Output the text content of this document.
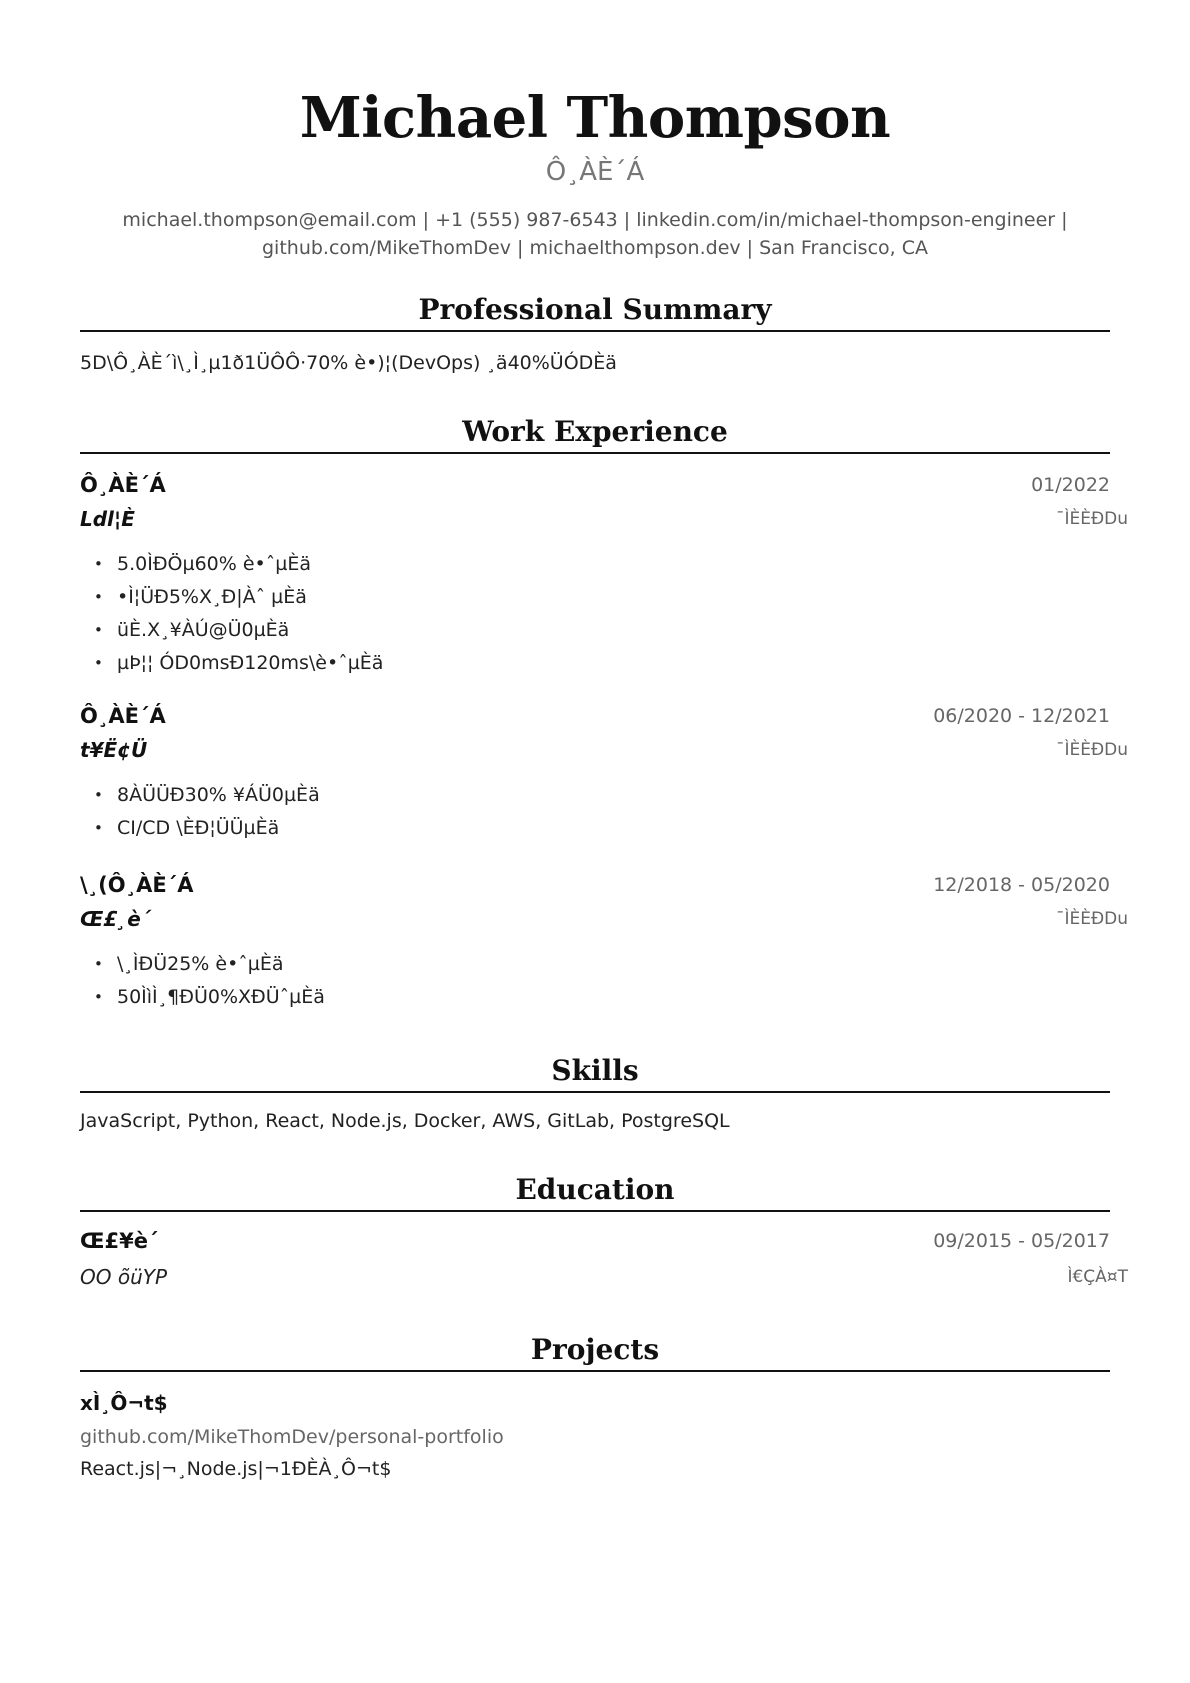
Michael Thompson
Ô¸ÀÈ´Á
michael.thompson@email.com | +1 (555) 987-6543 | linkedin.com/in/michael-thompson-engineer | github.com/MikeThomDev | michaelthompson.dev | San Francisco, CA
Professional Summary
5D\Ô¸ÀÈ´ì\¸Ì¸µ1ð1ÜÔÔ·70% è•)¦(DevOps) ¸ä40%ÜÓDÈä
Work Experience
Ô¸ÀÈ´Á	01/2022
Ldl¦È	¯ÌÈÈÐDu
• 5.0ÌÐÖµ60% è•ˆµÈä
• •Ì¦ÜÐ5%X¸Ð|Àˆ µÈä
• üÈ.X¸¥ÀÚ@Ü0µÈä
• µÞ¦¦ ÓD0msÐ120ms\è•ˆµÈä
Ô¸ÀÈ´Á	06/2020 - 12/2021
t¥Ë¢Ü	¯ÌÈÈÐDu
• 8ÀÜÜÐ30% ¥ÁÜ0µÈä
• CI/CD \ÈÐ¦ÜÜµÈä
\¸(Ô¸ÀÈ´Á	12/2018 - 05/2020
Œ£¸è´	¯ÌÈÈÐDu
• \¸ÌÐÜ25% è•ˆµÈä
• 50ÌìÌ¸¶ÐÜ0%XÐÜˆµÈä
Skills
JavaScript, Python, React, Node.js, Docker, AWS, GitLab, PostgreSQL
Education
Œ£¥è´	09/2015 - 05/2017
OO õüYP	Ì€ÇÀ¤T
Projects
xÌ¸Ô¬t$
github.com/MikeThomDev/personal-portfolio
React.js|¬¸Node.js|¬1ÐÈÀ¸Ô¬t$
